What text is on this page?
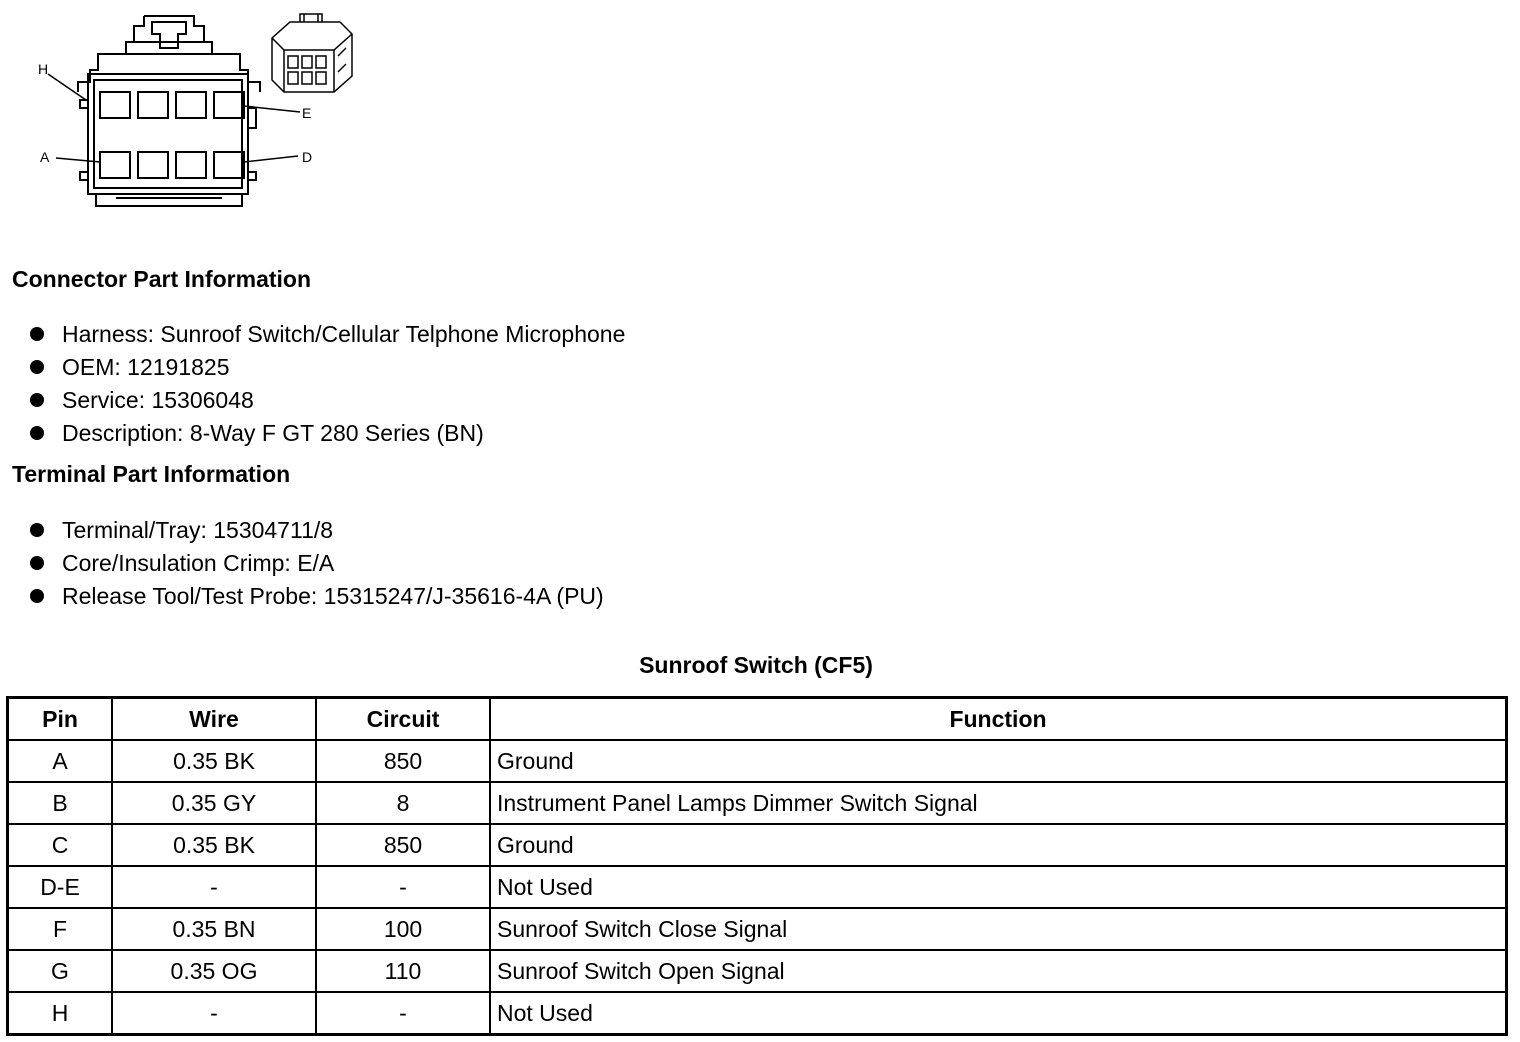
H
E
A	D
Connector Part Information
Harness: Sunroof Switch/Cellular Telphone Microphone
OEM: 12191825
Service: 15306048
Description: 8-Way F GT 280 Series (BN)
Terminal Part Information
Terminal/Tray: 15304711/8
Core/Insulation Crimp: E/A
Release Tool/Test Probe: 15315247/J-35616-4A (PU)
Sunroof Switch (CF5)
Pin	Wire	Circuit	Function
A	0.35 BK	850	Ground
B	0.35 GY	8	Instrument Panel Lamps Dimmer Switch Signal
C	0.35 BK	850	Ground
D-E	-	-	Not Used
F	0.35 BN	100	Sunroof Switch Close Signal
G	0.35 OG	110	Sunroof Switch Open Signal
H	-	-	Not Used
